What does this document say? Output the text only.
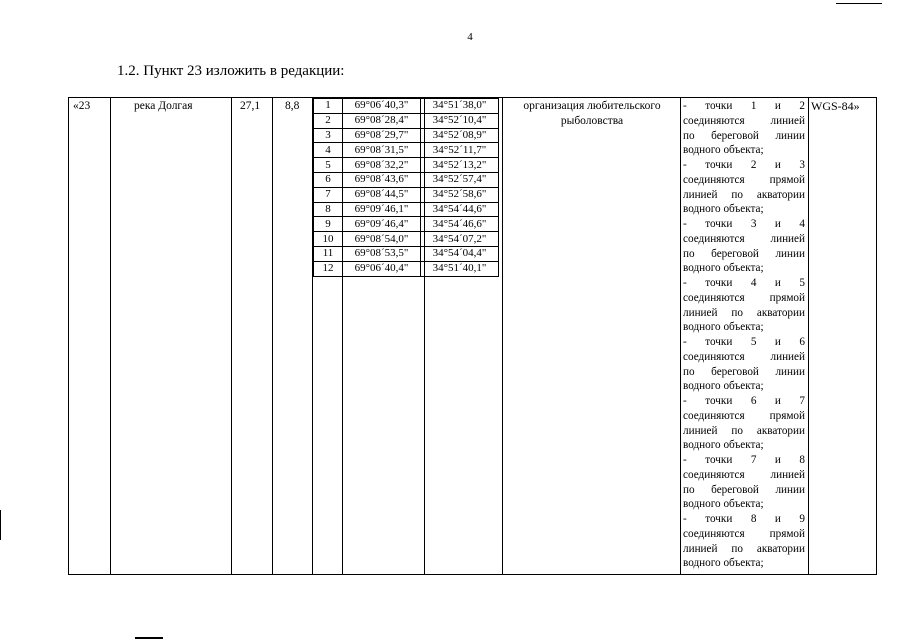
4
1.2. Пункт 23 изложить в редакции:
«23	река Долгая	27,1 8,8	организация любительского рыболовства
WGS-84»
1	69°06´40,3"	34°51´38,0"
2	69°08´28,4"	34°52´10,4"
3	69°08´29,7"	34°52´08,9"
4	69°08´31,5"	34°52´11,7"
5	69°08´32,2"	34°52´13,2"
6	69°08´43,6"	34°52´57,4"
7	69°08´44,5"	34°52´58,6"
8	69°09´46,1"	34°54´44,6"
9	69°09´46,4"	34°54´46,6"
10	69°08´54,0"	34°54´07,2"
11	69°08´53,5"	34°54´04,4"
12	69°06´40,4"	34°51´40,1"
- точки 1 и 2
соединяются линией
по береговой линии
водного объекта;
- точки 2 и 3
соединяются прямой
линией по акватории
водного объекта;
- точки 3 и 4
соединяются линией
по береговой линии
водного объекта;
- точки 4 и 5
соединяются прямой
линией по акватории
водного объекта;
- точки 5 и 6
соединяются линией
по береговой линии
водного объекта;
- точки 6 и 7
соединяются прямой
линией по акватории
водного объекта;
- точки 7 и 8
соединяются линией
по береговой линии
водного объекта;
- точки 8 и 9
соединяются прямой
линией по акватории
водного объекта;
